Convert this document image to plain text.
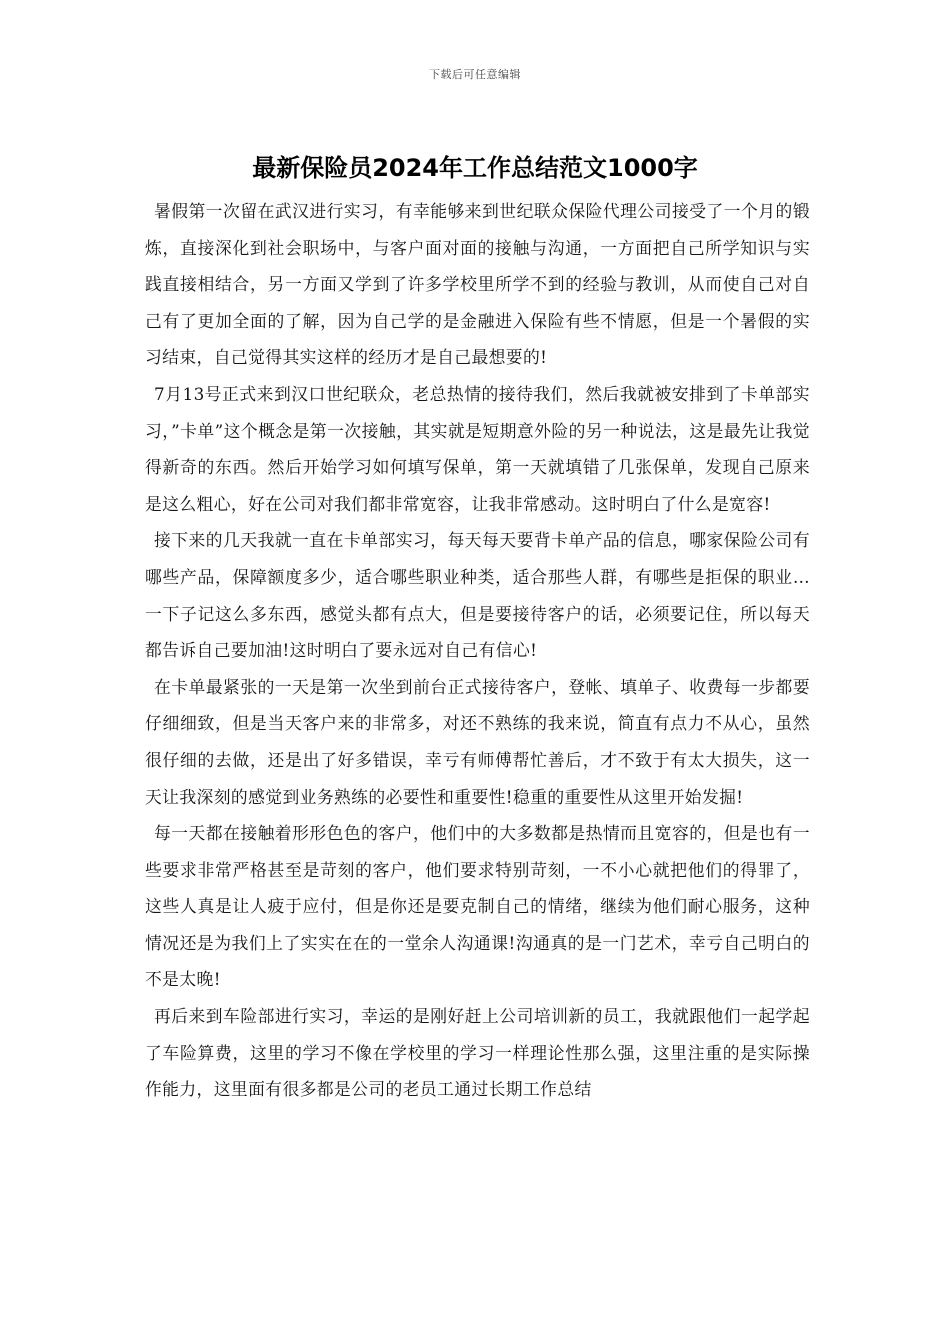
下载后可任意编辑
最新保险员2024年工作总结范文1000字

暑假第一次留在武汉进行实习，有幸能够来到世纪联众保险代理公司接受了一个月的锻炼，直接深化到社会职场中，与客户面对面的接触与沟通，一方面把自己所学知识与实践直接相结合，另一方面又学到了许多学校里所学不到的经验与教训，从而使自己对自己有了更加全面的了解，因为自己学的是金融进入保险有些不情愿，但是一个暑假的实习结束，自己觉得其实这样的经历才是自己最想要的!

7月13号正式来到汉口世纪联众，老总热情的接待我们，然后我就被安排到了卡单部实习，”卡单”这个概念是第一次接触，其实就是短期意外险的另一种说法，这是最先让我觉得新奇的东西。然后开始学习如何填写保单，第一天就填错了几张保单，发现自己原来是这么粗心，好在公司对我们都非常宽容，让我非常感动。这时明白了什么是宽容!

接下来的几天我就一直在卡单部实习，每天每天要背卡单产品的信息，哪家保险公司有哪些产品，保障额度多少，适合哪些职业种类，适合那些人群，有哪些是拒保的职业…一下子记这么多东西，感觉头都有点大，但是要接待客户的话，必须要记住，所以每天都告诉自己要加油!这时明白了要永远对自己有信心!

在卡单最紧张的一天是第一次坐到前台正式接待客户，登帐、填单子、收费每一步都要仔细细致，但是当天客户来的非常多，对还不熟练的我来说，简直有点力不从心，虽然很仔细的去做，还是出了好多错误，幸亏有师傅帮忙善后，才不致于有太大损失，这一天让我深刻的感觉到业务熟练的必要性和重要性!稳重的重要性从这里开始发掘!

每一天都在接触着形形色色的客户，他们中的大多数都是热情而且宽容的，但是也有一些要求非常严格甚至是苛刻的客户，他们要求特别苛刻，一不小心就把他们的得罪了，这些人真是让人疲于应付，但是你还是要克制自己的情绪，继续为他们耐心服务，这种情况还是为我们上了实实在在的一堂余人沟通课!沟通真的是一门艺术，幸亏自己明白的不是太晚!

再后来到车险部进行实习，幸运的是刚好赶上公司培训新的员工，我就跟他们一起学起了车险算费，这里的学习不像在学校里的学习一样理论性那么强，这里注重的是实际操作能力，这里面有很多都是公司的老员工通过长期工作总结
